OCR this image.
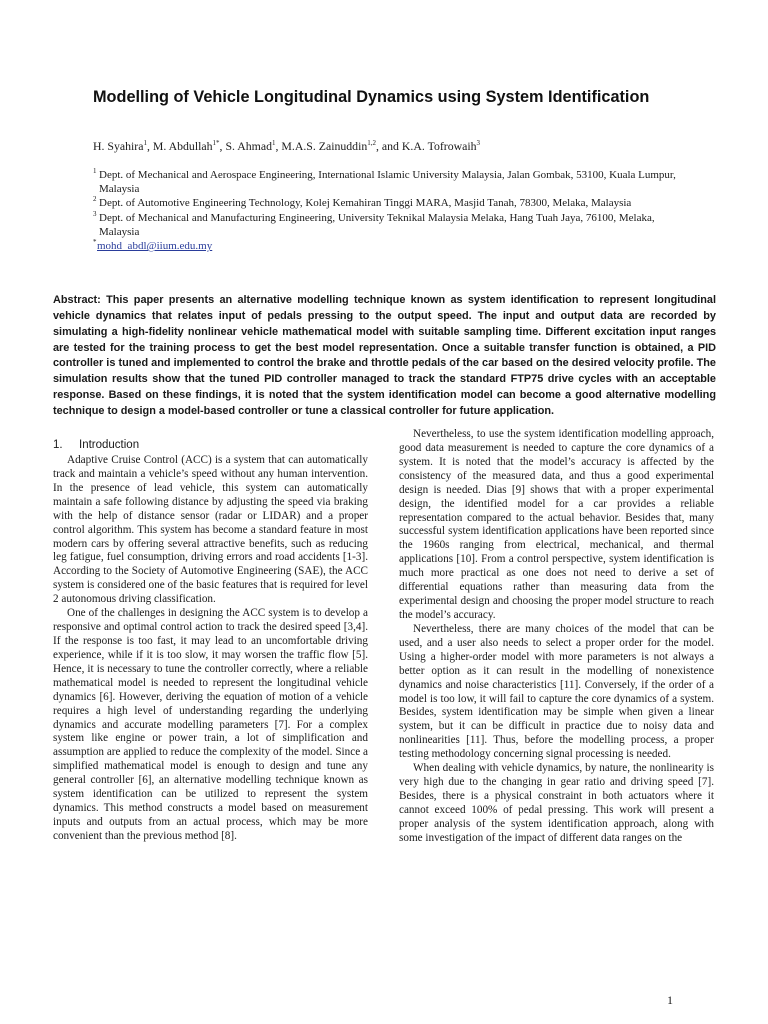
Modelling of Vehicle Longitudinal Dynamics using System Identification
H. Syahira$^1$, M. Abdullah$^{1*}$, S. Ahmad$^1$, M.A.S. Zainuddin$^{1,2}$, and K.A. Tofrowaih$^3$
1 Dept. of Mechanical and Aerospace Engineering, International Islamic University Malaysia, Jalan Gombak, 53100, Kuala Lumpur, Malaysia
2 Dept. of Automotive Engineering Technology, Kolej Kemahiran Tinggi MARA, Masjid Tanah, 78300, Melaka, Malaysia
3 Dept. of Mechanical and Manufacturing Engineering, University Teknikal Malaysia Melaka, Hang Tuah Jaya, 76100, Melaka, Malaysia
* mohd_abdl@iium.edu.my
Abstract: This paper presents an alternative modelling technique known as system identification to represent longitudinal vehicle dynamics that relates input of pedals pressing to the output speed. The input and output data are recorded by simulating a high-fidelity nonlinear vehicle mathematical model with suitable sampling time. Different excitation input ranges are tested for the training process to get the best model representation. Once a suitable transfer function is obtained, a PID controller is tuned and implemented to control the brake and throttle pedals of the car based on the desired velocity profile. The simulation results show that the tuned PID controller managed to track the standard FTP75 drive cycles with an acceptable response. Based on these findings, it is noted that the system identification model can become a good alternative modelling technique to design a model-based controller or tune a classical controller for future application.
1. Introduction

Adaptive Cruise Control (ACC) is a system that can automatically track and maintain a vehicle’s speed without any human intervention. In the presence of lead vehicle, this system can automatically maintain a safe following distance by adjusting the speed via braking with the help of distance sensor (radar or LIDAR) and a proper control algorithm. This system has become a standard feature in most modern cars by offering several attractive benefits, such as reducing leg fatigue, fuel consumption, driving errors and road accidents [1-3]. According to the Society of Automotive Engineering (SAE), the ACC system is considered one of the basic features that is required for level 2 autonomous driving classification.

One of the challenges in designing the ACC system is to develop a responsive and optimal control action to track the desired speed [3,4]. If the response is too fast, it may lead to an uncomfortable driving experience, while if it is too slow, it may worsen the traffic flow [5]. Hence, it is necessary to tune the controller correctly, where a reliable mathematical model is needed to represent the longitudinal vehicle dynamics [6]. However, deriving the equation of motion of a vehicle requires a high level of understanding regarding the underlying dynamics and accurate modelling parameters [7]. For a complex system like engine or power train, a lot of simplification and assumption are applied to reduce the complexity of the model. Since a simplified mathematical model is enough to design and tune any general controller [6], an alternative modelling technique known as system identification can be utilized to represent the system dynamics. This method constructs a model based on measurement inputs and outputs from an actual process, which may be more convenient than the previous method [8].

Nevertheless, to use the system identification modelling approach, good data measurement is needed to capture the core dynamics of a system. It is noted that the model’s accuracy is affected by the consistency of the measured data, and thus a good experimental design is needed. Dias [9] shows that with a proper experimental design, the identified model for a car provides a reliable representation compared to the actual behavior. Besides that, many successful system identification applications have been reported since the 1960s ranging from electrical, mechanical, and thermal applications [10]. From a control perspective, system identification is much more practical as one does not need to derive a set of differential equations rather than measuring data from the experimental design and choosing the proper model structure to reach the model’s accuracy.

Nevertheless, there are many choices of the model that can be used, and a user also needs to select a proper order for the model. Using a higher-order model with more parameters is not always a better option as it can result in the modelling of nonexistence dynamics and noise characteristics [11]. Conversely, if the order of a model is too low, it will fail to capture the core dynamics of a system. Besides, system identification may be simple when given a linear system, but it can be difficult in practice due to noisy data and nonlinearities [11]. Thus, before the modelling process, a proper testing methodology concerning signal processing is needed.

When dealing with vehicle dynamics, by nature, the nonlinearity is very high due to the changing in gear ratio and driving speed [7]. Besides, there is a physical constraint in both actuators where it cannot exceed 100% of pedal pressing. This work will present a proper analysis of the system identification approach, along with some investigation of the impact of different data ranges on the

1
